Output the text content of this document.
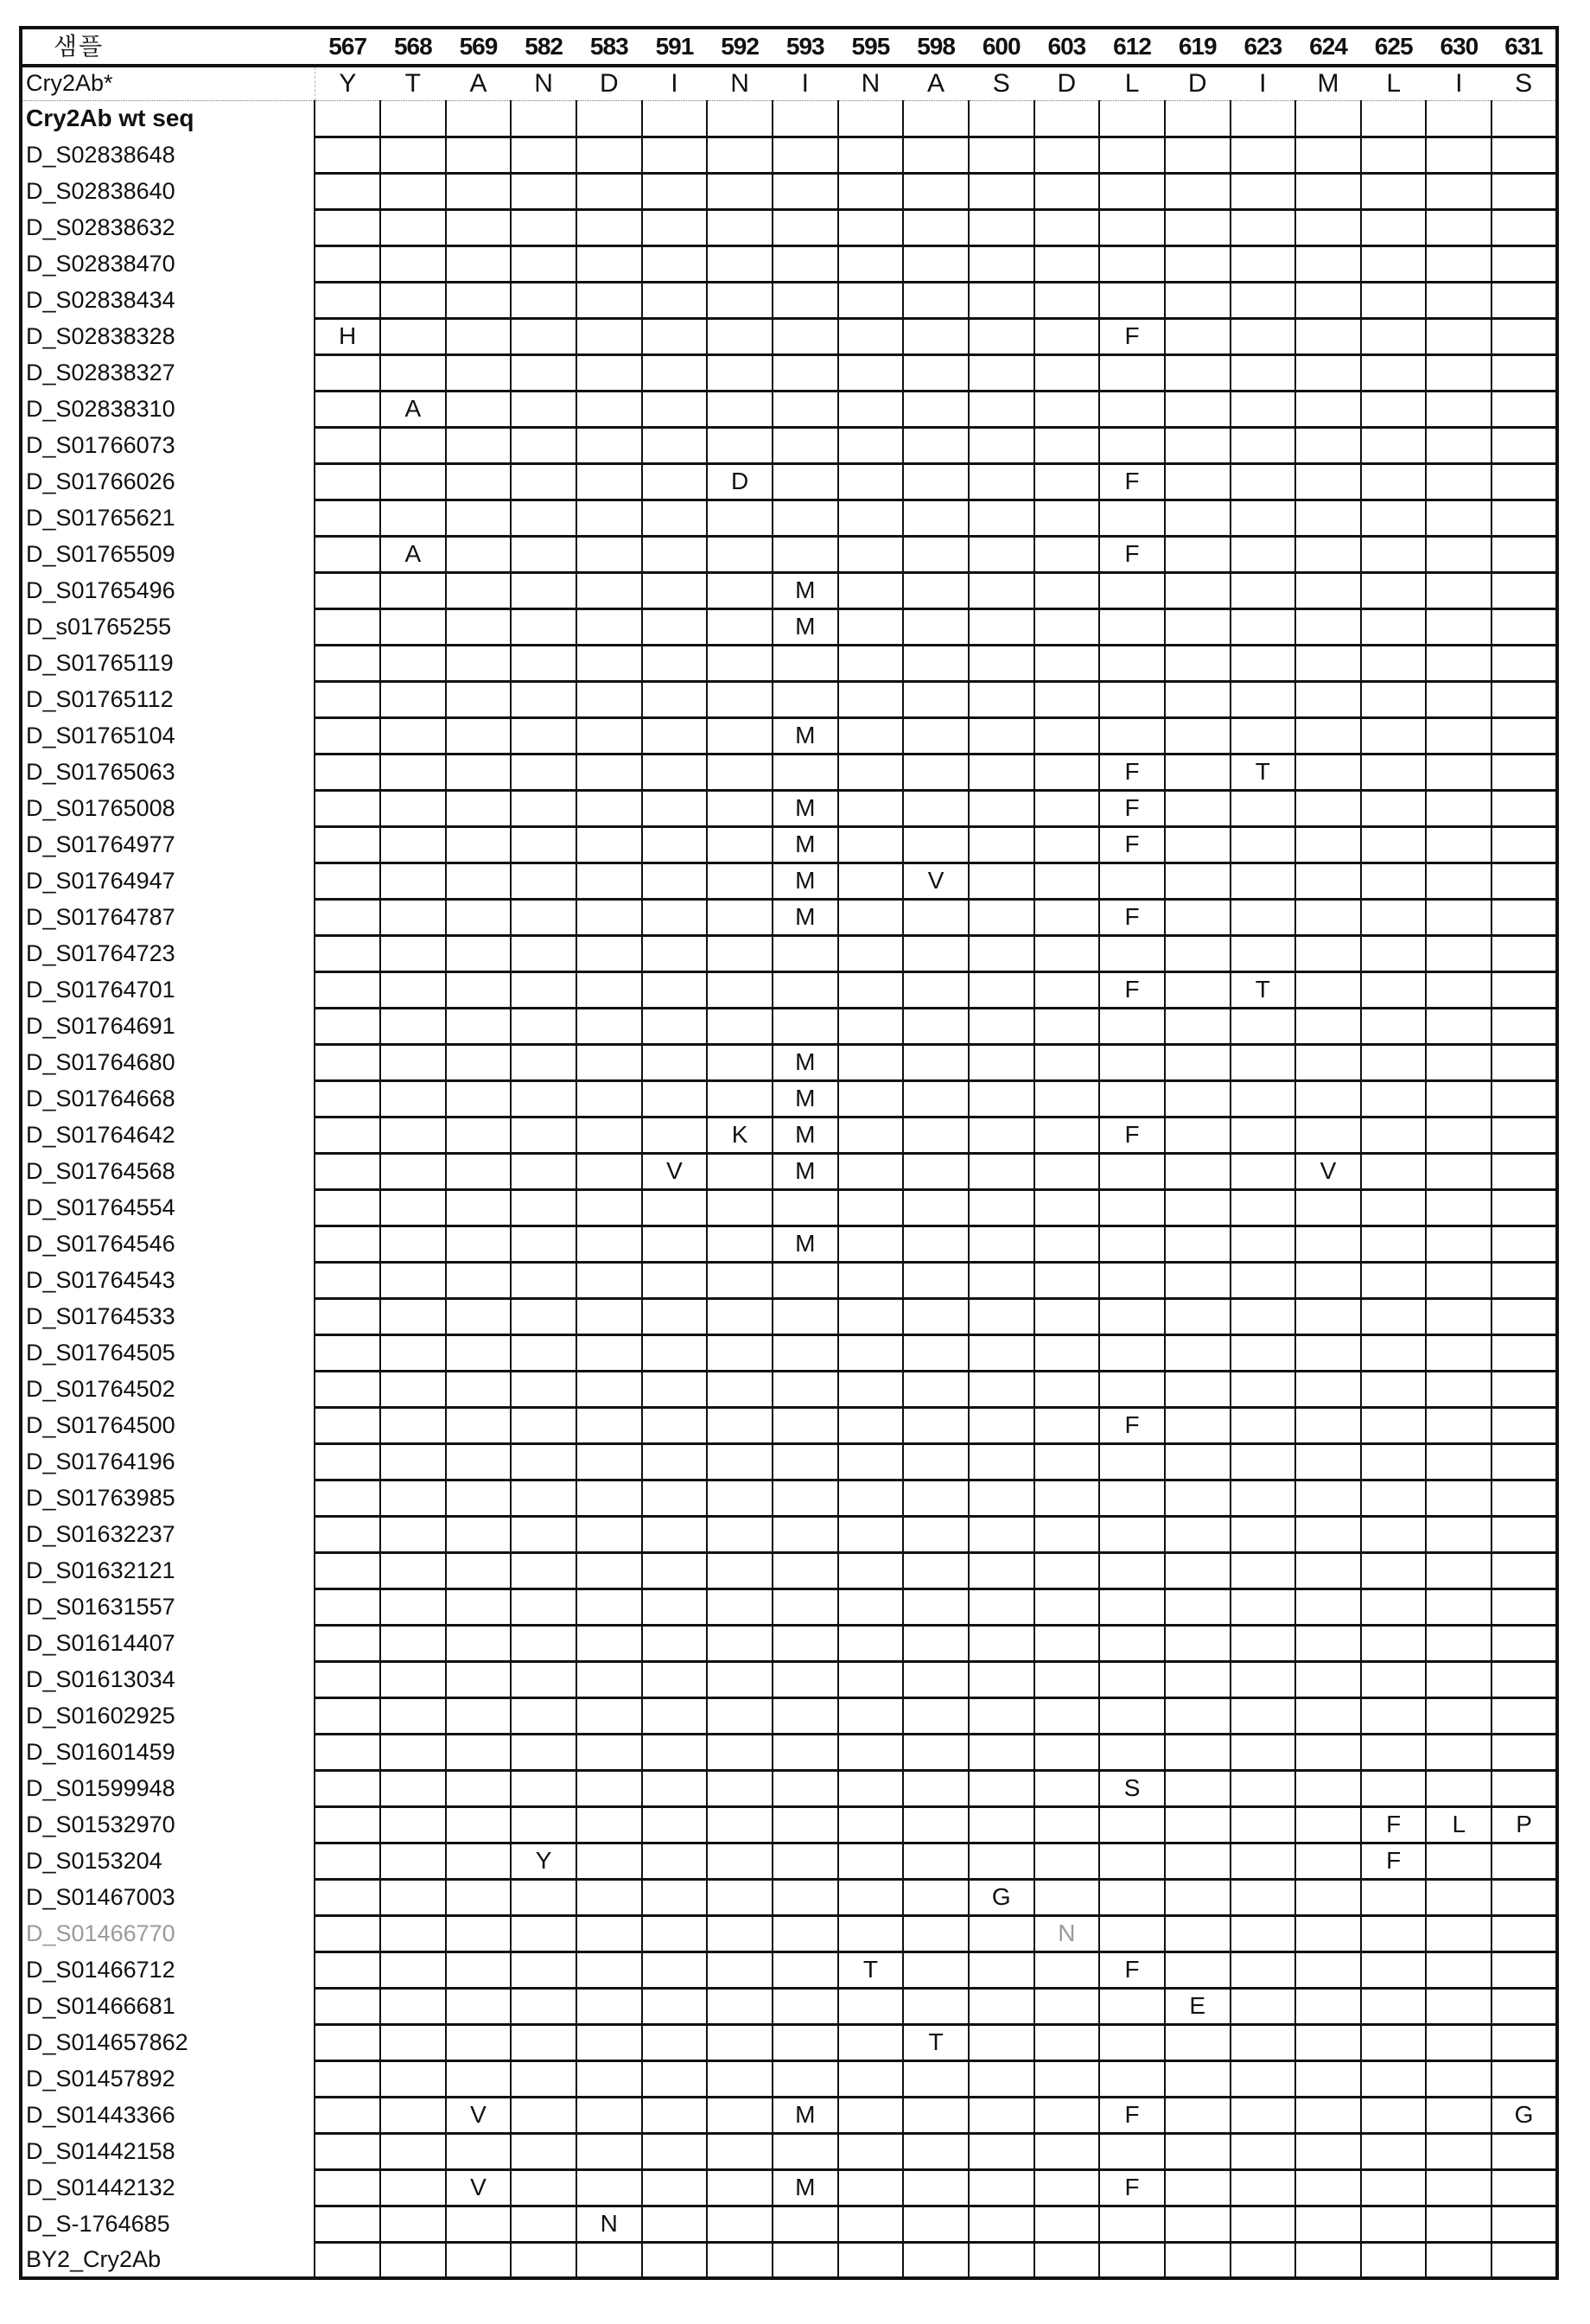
샘플	567	568	569	582	583	591	592	593	595	598	600	603	612	619	623	624	625	630	631
Cry2Ab*	Y	T	A	N	D	I	N	I	N	A	S	D	L	D	I	M	L	I	S
Cry2Ab wt seq																			
D_S02838648																			
D_S02838640																			
D_S02838632																			
D_S02838470																			
D_S02838434																			
D_S02838328	H												F						
D_S02838327																			
D_S02838310		A																	
D_S01766073																			
D_S01766026							D						F						
D_S01765621																			
D_S01765509		A											F						
D_S01765496								M											
D_s01765255								M											
D_S01765119																			
D_S01765112																			
D_S01765104								M											
D_S01765063													F		T				
D_S01765008								M					F						
D_S01764977								M					F						
D_S01764947								M		V									
D_S01764787								M					F						
D_S01764723																			
D_S01764701													F		T				
D_S01764691																			
D_S01764680								M											
D_S01764668								M											
D_S01764642							K	M					F						
D_S01764568						V		M								V			
D_S01764554																			
D_S01764546								M											
D_S01764543																			
D_S01764533																			
D_S01764505																			
D_S01764502																			
D_S01764500													F						
D_S01764196																			
D_S01763985																			
D_S01632237																			
D_S01632121																			
D_S01631557																			
D_S01614407																			
D_S01613034																			
D_S01602925																			
D_S01601459																			
D_S01599948													S						
D_S01532970																	F	L	P
D_S0153204				Y													F		
D_S01467003											G								
D_S01466770												N							
D_S01466712									T				F						
D_S01466681														E					
D_S014657862										T									
D_S01457892																			
D_S01443366			V					M					F						G
D_S01442158																			
D_S01442132			V					M					F						
D_S-1764685					N														
BY2_Cry2Ab																			
